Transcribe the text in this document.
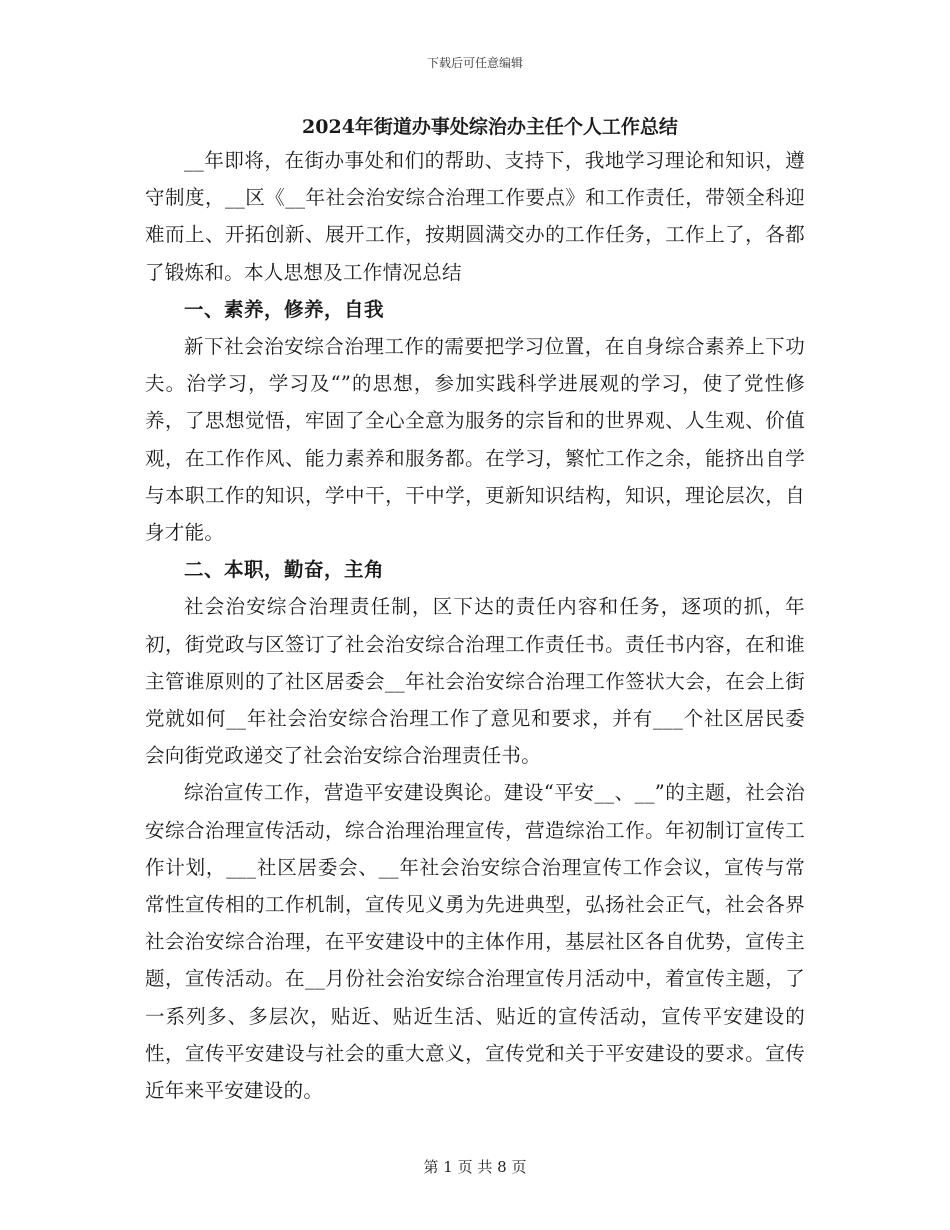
下载后可任意编辑
2024年街道办事处综治办主任个人工作总结

__年即将，在街办事处和们的帮助、支持下，我地学习理论和知识，遵守制度，__区《__年社会治安综合治理工作要点》和工作责任，带领全科迎难而上、开拓创新、展开工作，按期圆满交办的工作任务，工作上了，各都了锻炼和。本人思想及工作情况总结

一、素养，修养，自我

新下社会治安综合治理工作的需要把学习位置，在自身综合素养上下功夫。治学习，学习及“”的思想，参加实践科学进展观的学习，使了党性修养，了思想觉悟，牢固了全心全意为服务的宗旨和的世界观、人生观、价值观，在工作作风、能力素养和服务都。在学习，繁忙工作之余，能挤出自学与本职工作的知识，学中干，干中学，更新知识结构，知识，理论层次，自身才能。

二、本职，勤奋，主角

社会治安综合治理责任制，区下达的责任内容和任务，逐项的抓，年初，街党政与区签订了社会治安综合治理工作责任书。责任书内容，在和谁主管谁原则的了社区居委会__年社会治安综合治理工作签状大会，在会上街党就如何__年社会治安综合治理工作了意见和要求，并有___个社区居民委会向街党政递交了社会治安综合治理责任书。

综治宣传工作，营造平安建设舆论。建设“平安__、__”的主题，社会治安综合治理宣传活动，综合治理治理宣传，营造综治工作。年初制订宣传工作计划，___社区居委会、__年社会治安综合治理宣传工作会议，宣传与常常性宣传相的工作机制，宣传见义勇为先进典型，弘扬社会正气，社会各界社会治安综合治理，在平安建设中的主体作用，基层社区各自优势，宣传主题，宣传活动。在__月份社会治安综合治理宣传月活动中，着宣传主题，了一系列多、多层次，贴近、贴近生活、贴近的宣传活动，宣传平安建设的性，宣传平安建设与社会的重大意义，宣传党和关于平安建设的要求。宣传近年来平安建设的。

第 1 页 共 8 页
